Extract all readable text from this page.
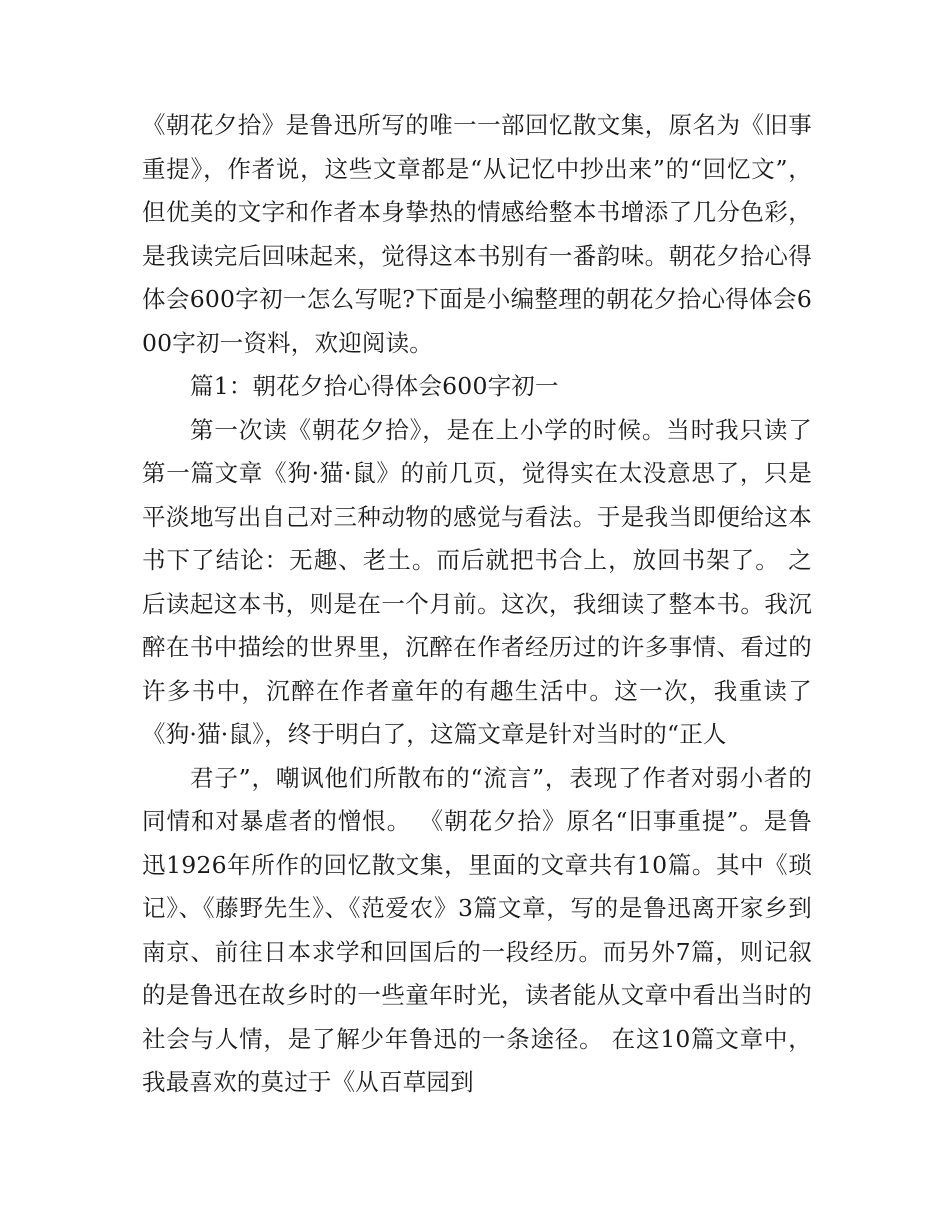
《朝花夕拾》是鲁迅所写的唯一一部回忆散文集，原名为《旧事重提》，作者说，这些文章都是“从记忆中抄出来”的“回忆文”，但优美的文字和作者本身挚热的情感给整本书增添了几分色彩，是我读完后回味起来，觉得这本书别有一番韵味。朝花夕拾心得体会600字初一怎么写呢?下面是小编整理的朝花夕拾心得体会600字初一资料，欢迎阅读。

篇1：朝花夕拾心得体会600字初一

第一次读《朝花夕拾》，是在上小学的时候。当时我只读了第一篇文章《狗·猫·鼠》的前几页，觉得实在太没意思了，只是平淡地写出自己对三种动物的感觉与看法。于是我当即便给这本书下了结论：无趣、老土。而后就把书合上，放回书架了。 之后读起这本书，则是在一个月前。这次，我细读了整本书。我沉醉在书中描绘的世界里，沉醉在作者经历过的许多事情、看过的许多书中，沉醉在作者童年的有趣生活中。这一次，我重读了《狗·猫·鼠》，终于明白了，这篇文章是针对当时的“正人

君子”，嘲讽他们所散布的“流言”，表现了作者对弱小者的同情和对暴虐者的憎恨。 《朝花夕拾》原名“旧事重提”。是鲁迅1926年所作的回忆散文集，里面的文章共有10篇。其中《琐记》、《藤野先生》、《范爱农》3篇文章，写的是鲁迅离开家乡到南京、前往日本求学和回国后的一段经历。而另外7篇，则记叙的是鲁迅在故乡时的一些童年时光，读者能从文章中看出当时的社会与人情，是了解少年鲁迅的一条途径。 在这10篇文章中，我最喜欢的莫过于《从百草园到
